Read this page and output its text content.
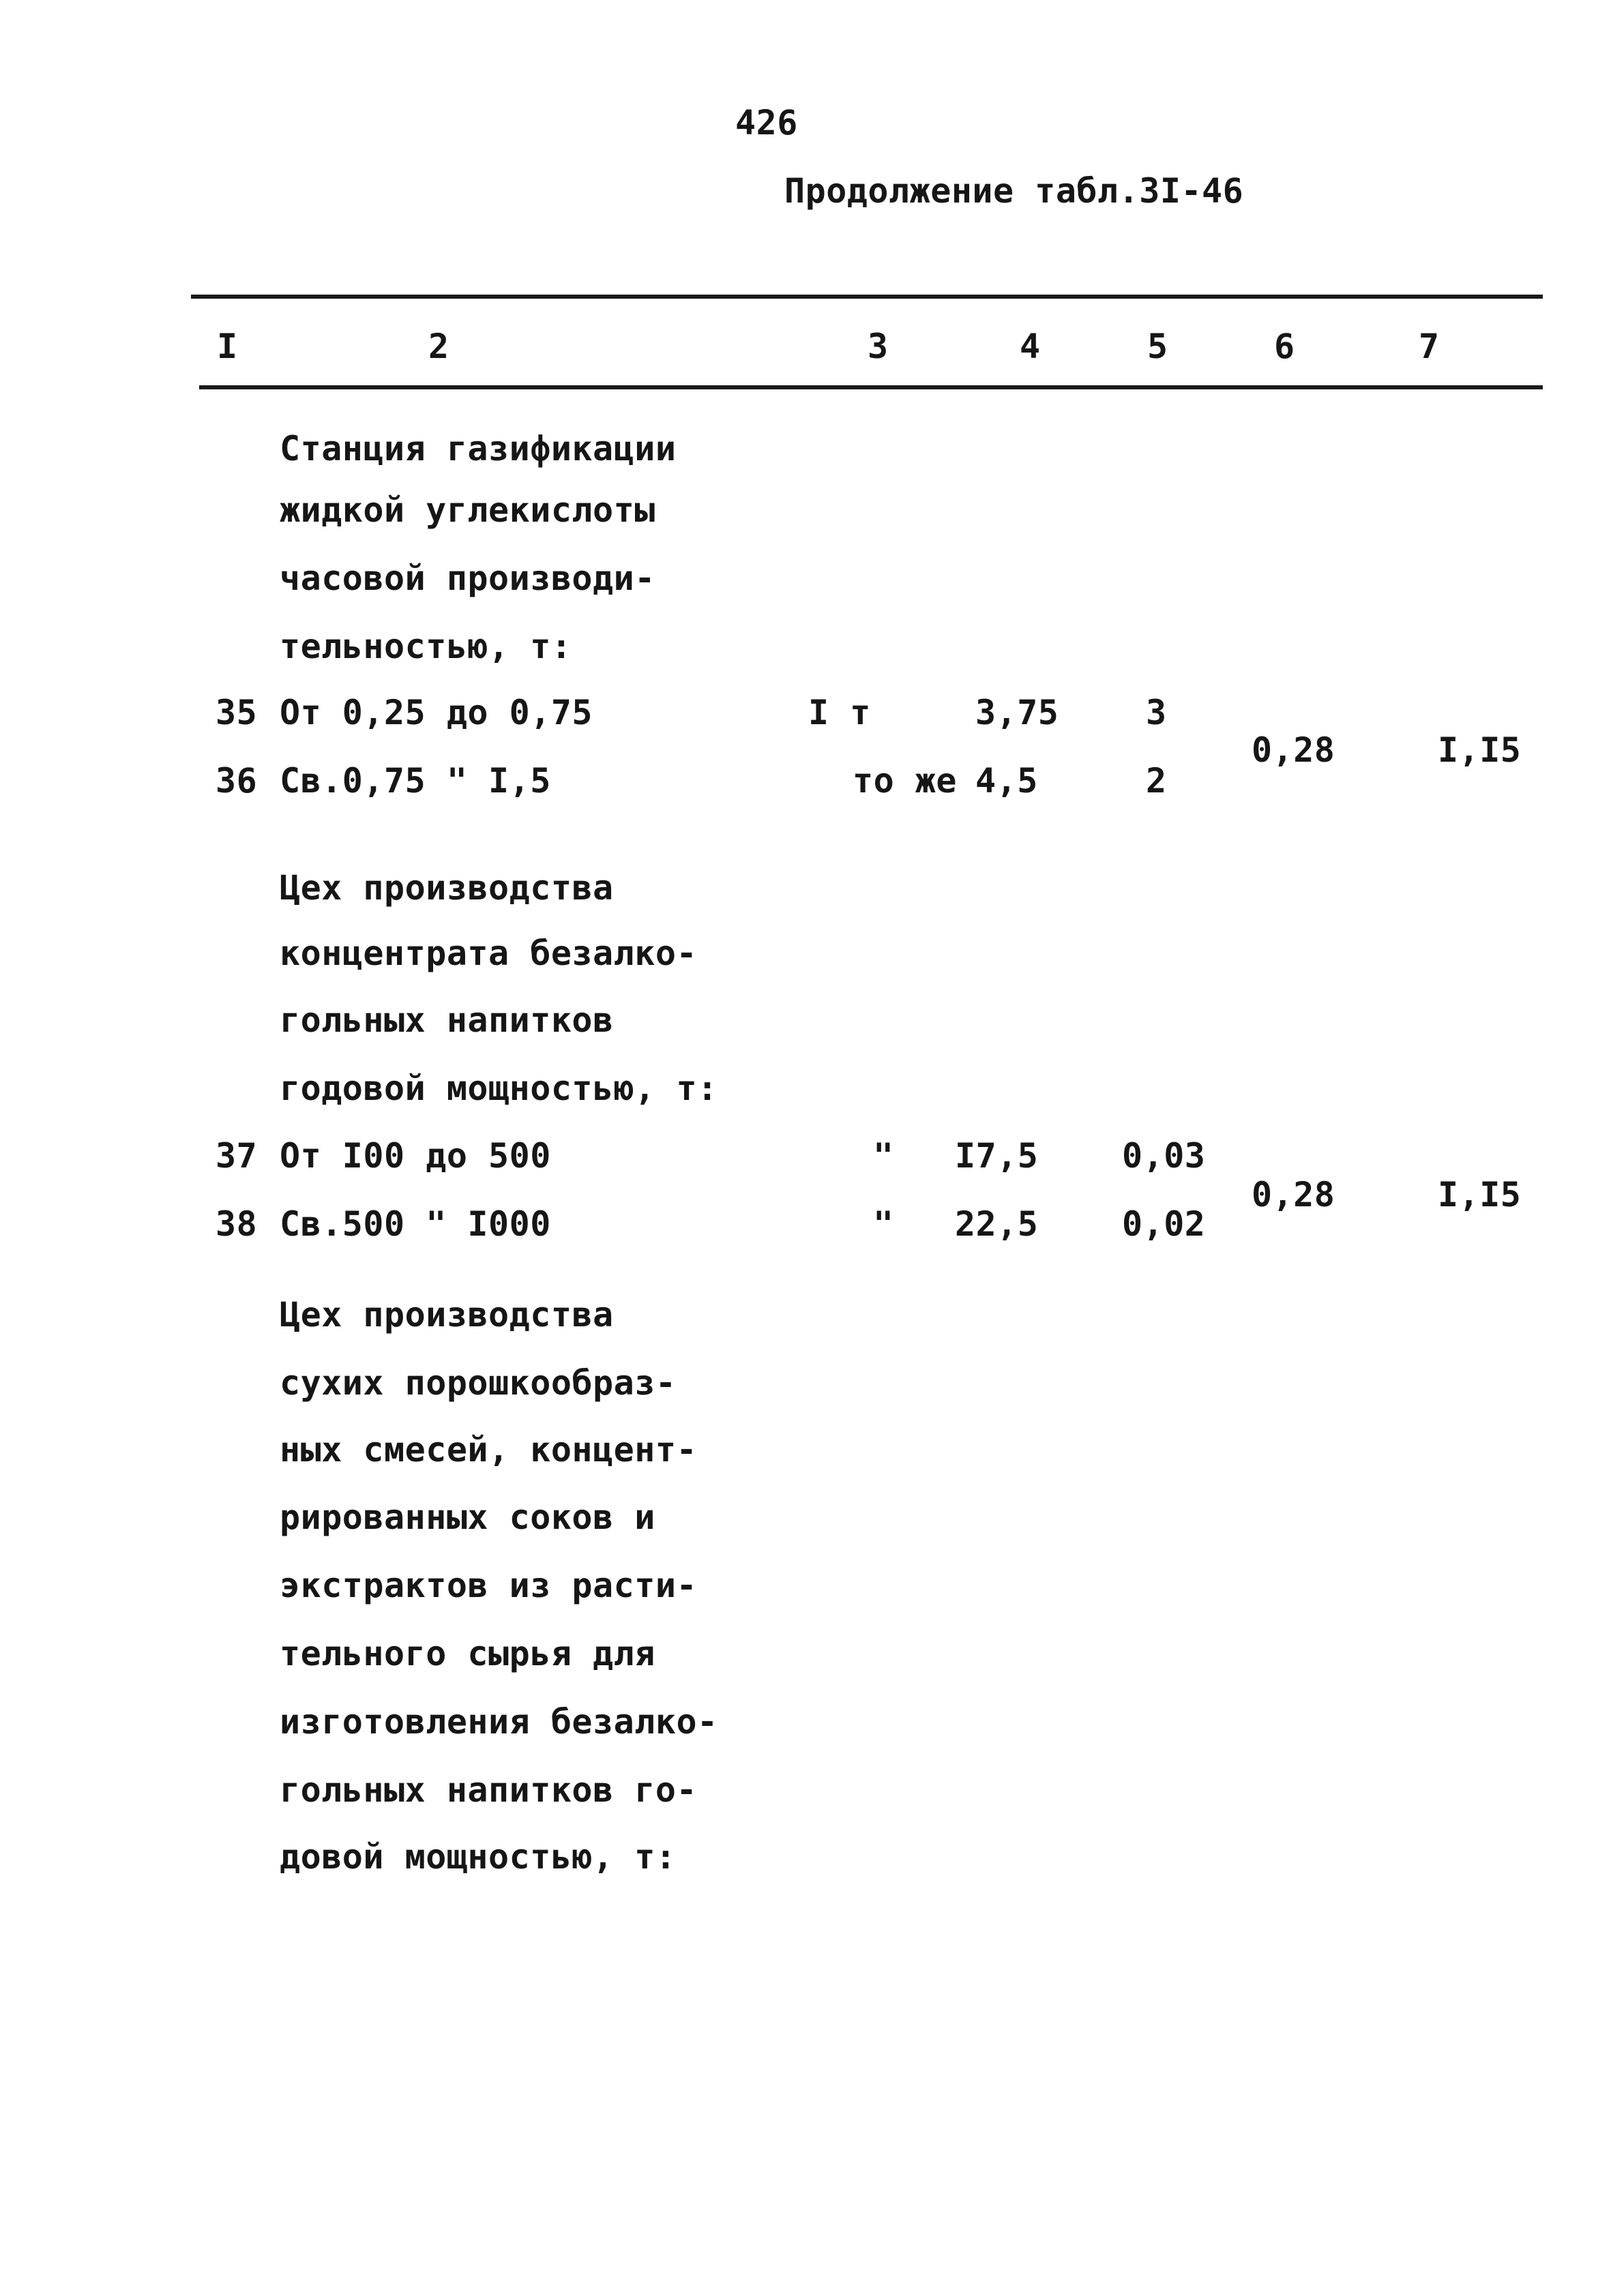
426
Продолжение табл.3I-46
I	2	3	4	5	6	7
Станция газификации
жидкой углекислоты
часовой производи-
тельностью, т:
35 От 0,25 до 0,75	I т	3,75	3
36 Св.0,75 " I,5	то же 4,5	2
0,28	I,I5
Цех производства
концентрата безалко-
гольных напитков
годовой мощностью, т:
37 От I00 до 500	" I7,5 0,03
38 Св.500 " I000	" 22,5 0,02
0,28	I,I5
Цех производства
сухих порошкообраз-
ных смесей, концент-
рированных соков и
экстрактов из расти-
тельного сырья для
изготовления безалко-
гольных напитков го-
довой мощностью, т:
